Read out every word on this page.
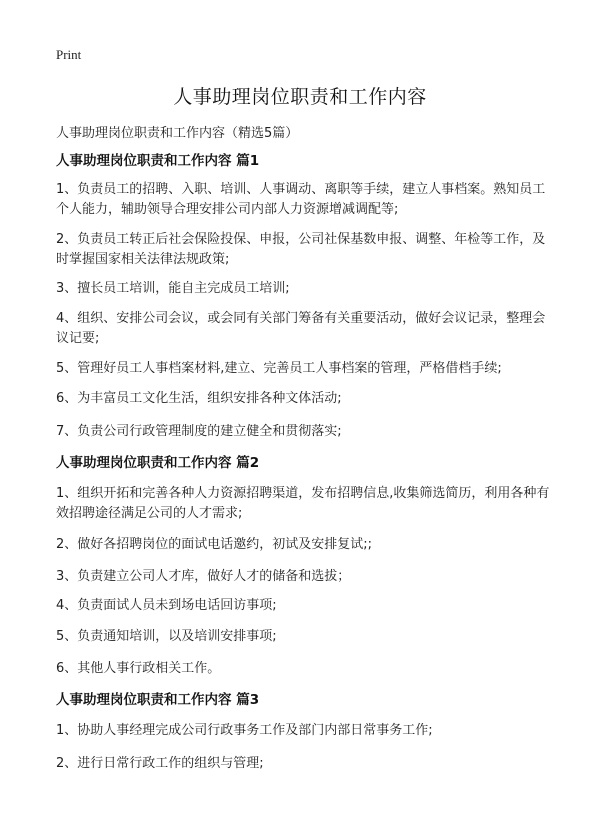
Print
人事助理岗位职责和工作内容
人事助理岗位职责和工作内容（精选5篇）

人事助理岗位职责和工作内容 篇1

1、负责员工的招聘、入职、培训、人事调动、离职等手续，建立人事档案。熟知员工个人能力，辅助领导合理安排公司内部人力资源增减调配等;

2、负责员工转正后社会保险投保、申报，公司社保基数申报、调整、年检等工作，及时掌握国家相关法律法规政策;

3、擅长员工培训，能自主完成员工培训;

4、组织、安排公司会议，或会同有关部门筹备有关重要活动，做好会议记录，整理会议记要;

5、管理好员工人事档案材料,建立、完善员工人事档案的管理，严格借档手续;

6、为丰富员工文化生活，组织安排各种文体活动;

7、负责公司行政管理制度的建立健全和贯彻落实;

人事助理岗位职责和工作内容 篇2

1、组织开拓和完善各种人力资源招聘渠道，发布招聘信息,收集筛选简历，利用各种有效招聘途径满足公司的人才需求;

2、做好各招聘岗位的面试电话邀约，初试及安排复试;;

3、负责建立公司人才库，做好人才的储备和选拔；

4、负责面试人员未到场电话回访事项;

5、负责通知培训，以及培训安排事项;

6、其他人事行政相关工作。

人事助理岗位职责和工作内容 篇3

1、协助人事经理完成公司行政事务工作及部门内部日常事务工作;

2、进行日常行政工作的组织与管理;
